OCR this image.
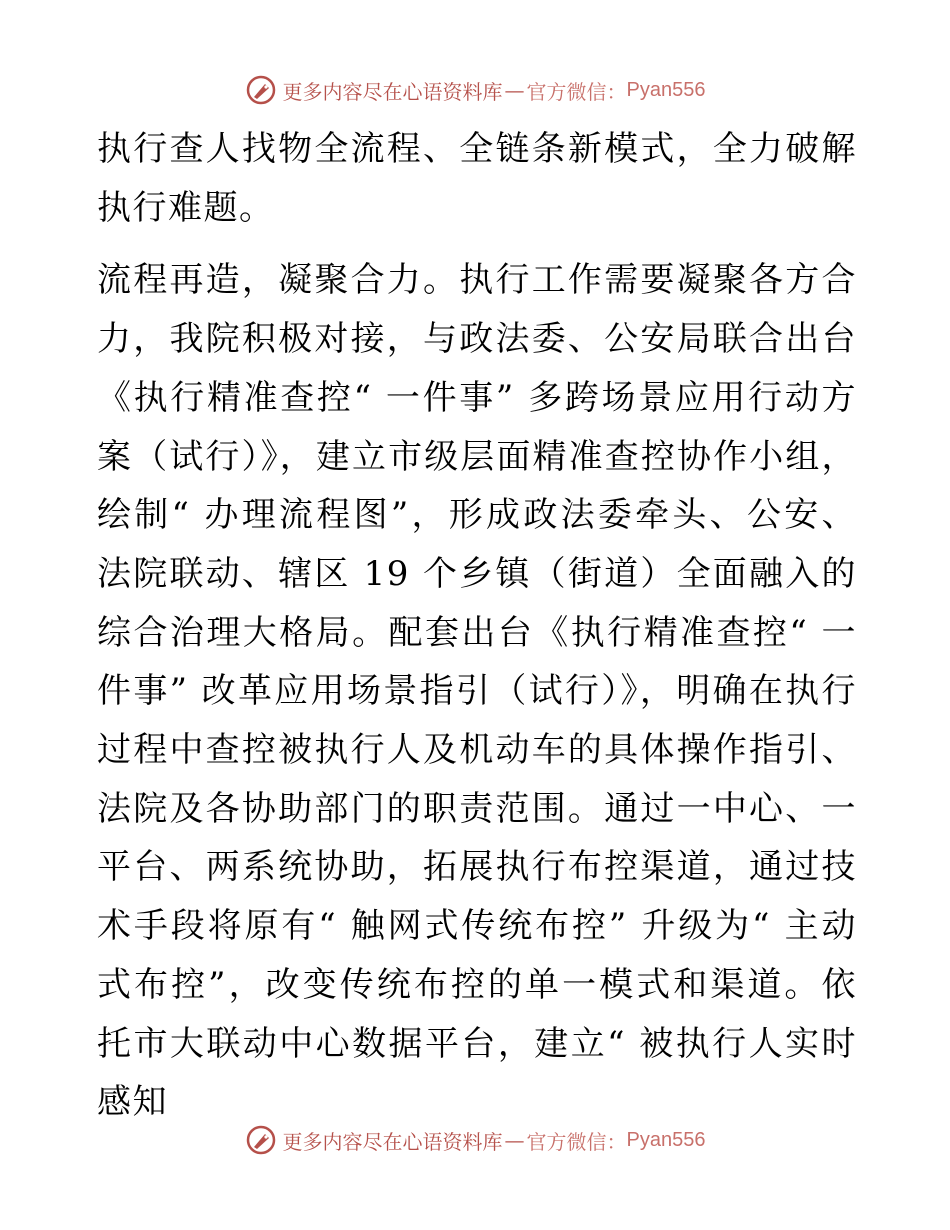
更多内容尽在心语资料库 — 官方微信： Pyan556

执行查人找物全流程、全链条新模式，全力破解执行难题。

流程再造，凝聚合力。执行工作需要凝聚各方合力，我院积极对接，与政法委、公安局联合出台《执行精准查控“ 一件事” 多跨场景应用行动方案（试行）》，建立市级层面精准查控协作小组，绘制“ 办理流程图”，形成政法委牵头、公安、法院联动、辖区 19 个乡镇（街道）全面融入的综合治理大格局。配套出台《执行精准查控“ 一件事” 改革应用场景指引（试行）》，明确在执行过程中查控被执行人及机动车的具体操作指引、法院及各协助部门的职责范围。通过一中心、一平台、两系统协助，拓展执行布控渠道，通过技术手段将原有“ 触网式传统布控” 升级为“ 主动式布控”，改变传统布控的单一模式和渠道。依托市大联动中心数据平台，建立“ 被执行人实时感知

更多内容尽在心语资料库 — 官方微信： Pyan556
